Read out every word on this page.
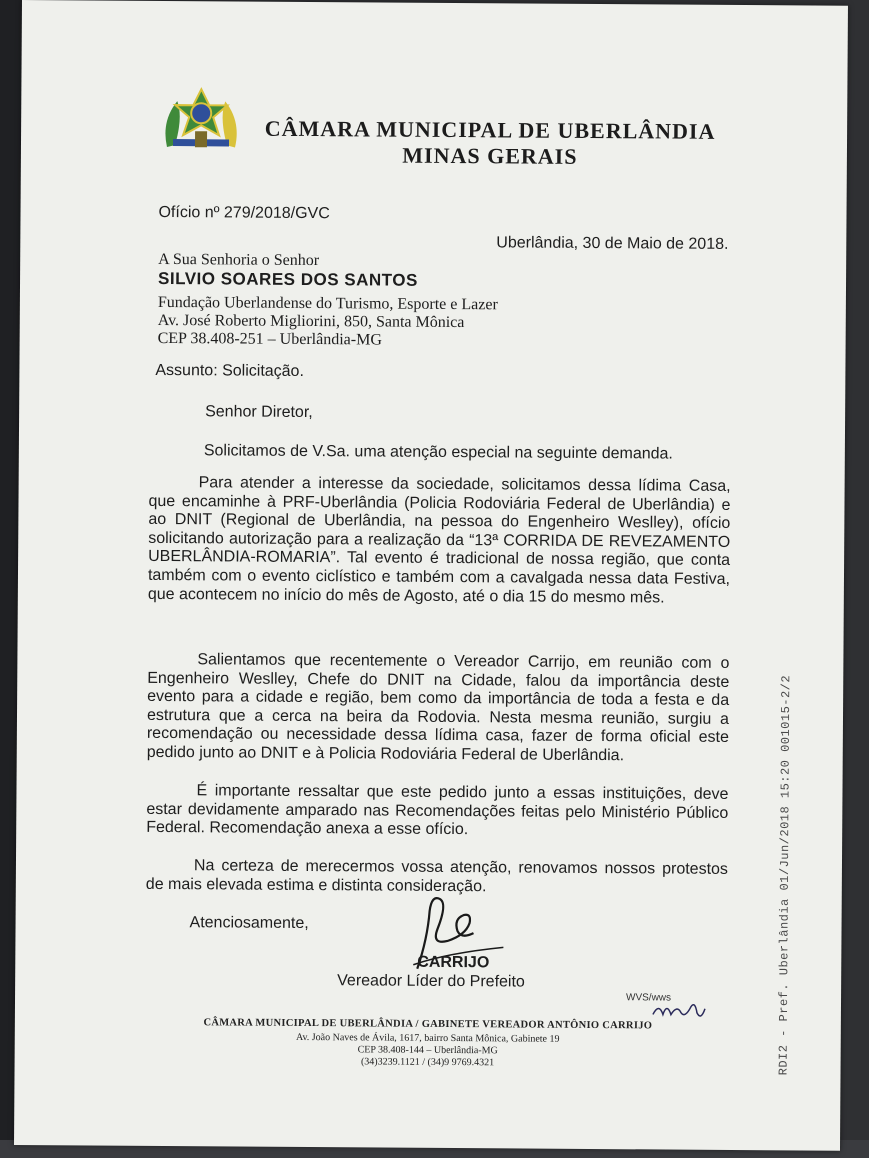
CÂMARA MUNICIPAL DE UBERLÂNDIA
MINAS GERAIS
Ofício nº 279/2018/GVC
Uberlândia, 30 de Maio de 2018.
A Sua Senhoria o Senhor
SILVIO SOARES DOS SANTOS
Fundação Uberlandense do Turismo, Esporte e Lazer
Av. José Roberto Migliorini, 850, Santa Mônica
CEP 38.408-251 – Uberlândia-MG
Assunto: Solicitação.
Senhor Diretor,
Solicitamos de V.Sa. uma atenção especial na seguinte demanda.
Para atender a interesse da sociedade, solicitamos dessa lídima Casa, que encaminhe à PRF-Uberlândia (Policia Rodoviária Federal de Uberlândia) e ao DNIT (Regional de Uberlândia, na pessoa do Engenheiro Weslley), ofício solicitando autorização para a realização da “13ª CORRIDA DE REVEZAMENTO UBERLÂNDIA-ROMARIA”. Tal evento é tradicional de nossa região, que conta também com o evento ciclístico e também com a cavalgada nessa data Festiva, que acontecem no início do mês de Agosto, até o dia 15 do mesmo mês.
Salientamos que recentemente o Vereador Carrijo, em reunião com o Engenheiro Weslley, Chefe do DNIT na Cidade, falou da importância deste evento para a cidade e região, bem como da importância de toda a festa e da estrutura que a cerca na beira da Rodovia. Nesta mesma reunião, surgiu a recomendação ou necessidade dessa lídima casa, fazer de forma oficial este pedido junto ao DNIT e à Policia Rodoviária Federal de Uberlândia.
É importante ressaltar que este pedido junto a essas instituições, deve estar devidamente amparado nas Recomendações feitas pelo Ministério Público Federal. Recomendação anexa a esse ofício.
Na certeza de merecermos vossa atenção, renovamos nossos protestos de mais elevada estima e distinta consideração.
Atenciosamente,
CARRIJO
Vereador Líder do Prefeito
WVS/wws
CÂMARA MUNICIPAL DE UBERLÂNDIA / GABINETE VEREADOR ANTÔNIO CARRIJO
Av. João Naves de Ávila, 1617, bairro Santa Mônica, Gabinete 19
CEP 38.408-144 – Uberlândia-MG
(34)3239.1121 / (34)9 9769.4321	RDI2 - Pref. Uberlândia 01/Jun/2018 15:20 001015-2/2
